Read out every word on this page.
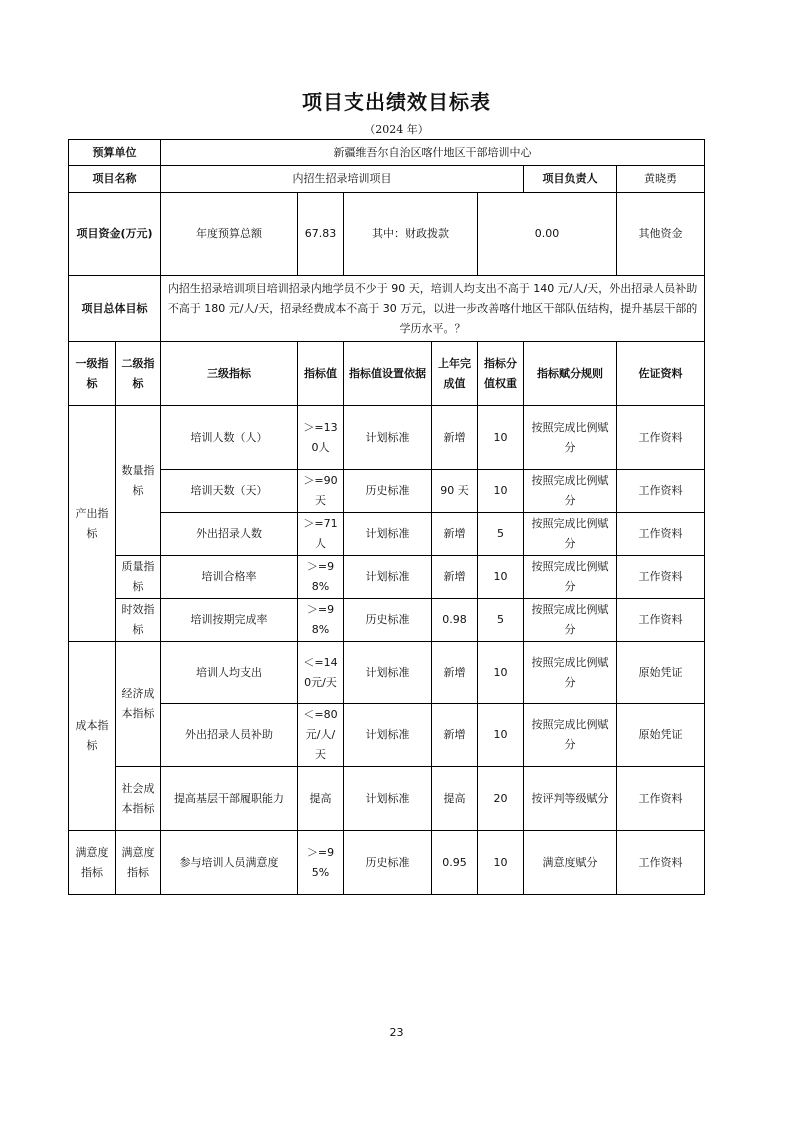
项目支出绩效目标表
（2024 年）
预算单位		新疆维吾尔自治区喀什地区干部培训中心							
项目名称		内招生招录培训项目					项目负责人	黄晓勇	
项目资金(万元)		年度预算总额	67.83	其中：财政拨款		0.00		其他资金	
项目总体目标		内招生招录培训项目培训招录内地学员不少于 90 天，培训人均支出不高于 140 元/人/天，外出招录人员补助不高于 180 元/人/天，招录经费成本不高于 30 万元，以进一步改善喀什地区干部队伍结构，提升基层干部的学历水平。？							
一级指标	二级指标	三级指标	指标值	指标值设置依据	上年完成值	指标分值权重	指标赋分规则	佐证资料	
产出指标	数量指标	培训人数（人）	＞=130人	计划标准	新增	10	按照完成比例赋分	工作资料	
		培训天数（天）	＞=90天	历史标准	90 天	10	按照完成比例赋分	工作资料	
		外出招录人数	＞=71人	计划标准	新增	5	按照完成比例赋分	工作资料	
	质量指标	培训合格率	＞=98%	计划标准	新增	10	按照完成比例赋分	工作资料	
	时效指标	培训按期完成率	＞=98%	历史标准	0.98	5	按照完成比例赋分	工作资料	
成本指标	经济成本指标	培训人均支出	＜=140元/天	计划标准	新增	10	按照完成比例赋分	原始凭证	
		外出招录人员补助	＜=80元/人/天	计划标准	新增	10	按照完成比例赋分	原始凭证	
	社会成本指标	提高基层干部履职能力	提高	计划标准	提高	20	按评判等级赋分	工作资料	
满意度指标	满意度指标	参与培训人员满意度	＞=95%	历史标准	0.95	10	满意度赋分	工作资料	
23
